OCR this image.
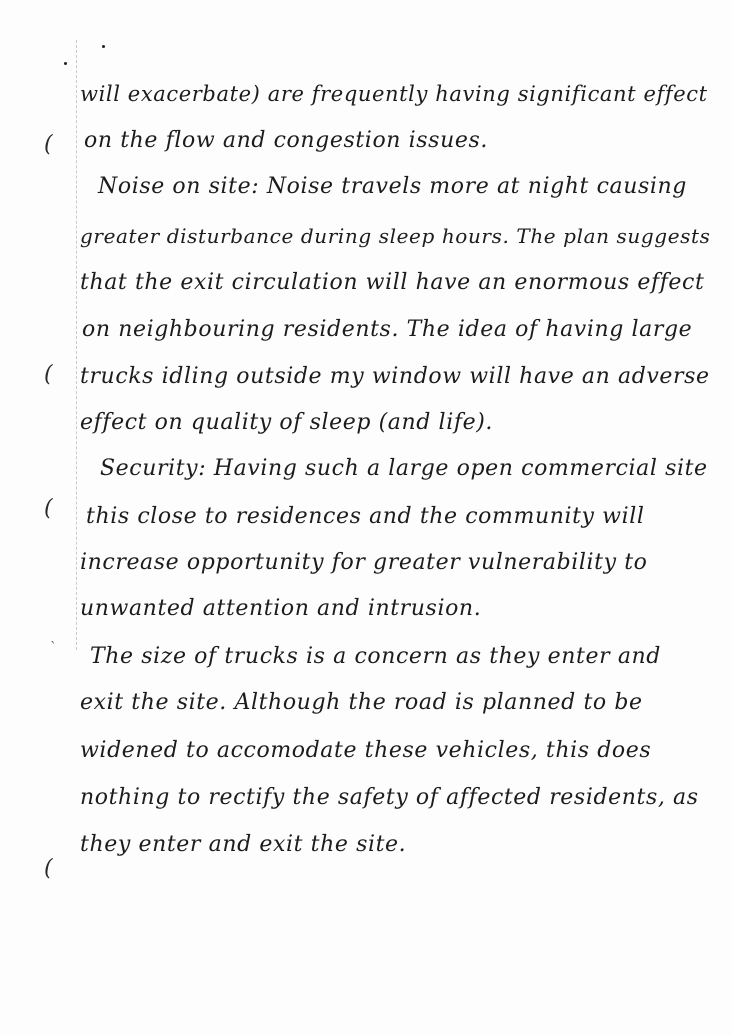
(
(
(
(
`
will exacerbate) are frequently having significant effect
on the flow and congestion issues.
Noise on site: Noise travels more at night causing
greater disturbance during sleep hours. The plan suggests
that the exit circulation will have an enormous effect
on neighbouring residents. The idea of having large
trucks idling outside my window will have an adverse
effect on quality of sleep (and life).
Security: Having such a large open commercial site
this close to residences and the community will
increase opportunity for greater vulnerability to
unwanted attention and intrusion.
The size of trucks is a concern as they enter and
exit the site. Although the road is planned to be
widened to accomodate these vehicles, this does
nothing to rectify the safety of affected residents, as
they enter and exit the site.
